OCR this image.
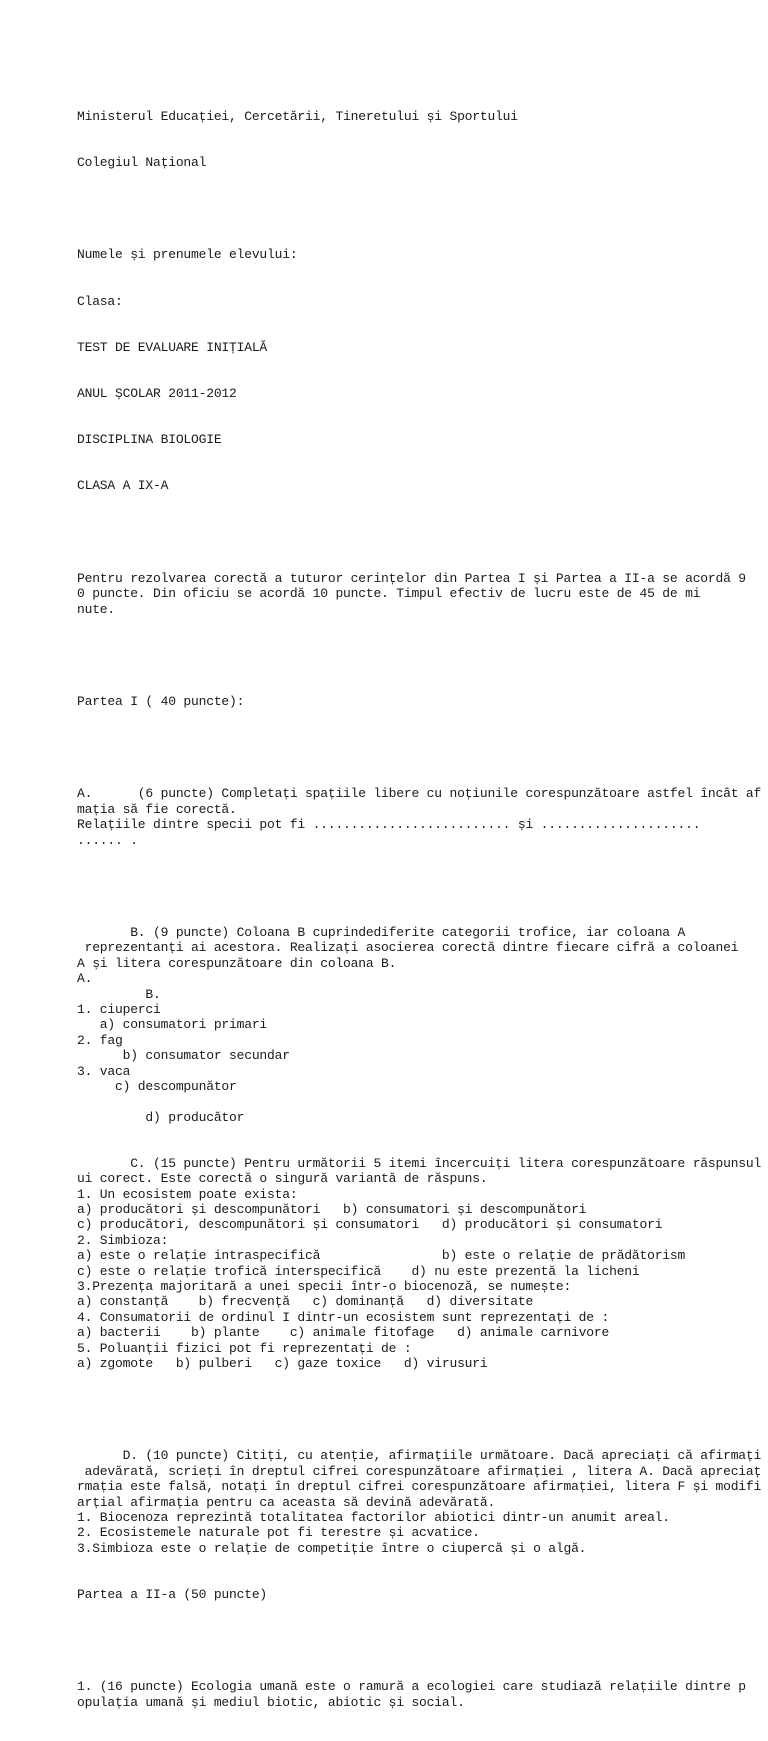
Ministerul Educației, Cercetării, Tineretului și Sportului

Colegiul Național

Numele și prenumele elevului:

Clasa:

TEST DE EVALUARE INIȚIALĂ

ANUL ȘCOLAR 2011-2012

DISCIPLINA BIOLOGIE

CLASA A IX-A

Pentru rezolvarea corectă a tuturor cerințelor din Partea I și Partea a II-a se acordă 9
0 puncte. Din oficiu se acordă 10 puncte. Timpul efectiv de lucru este de 45 de mi
nute.

Partea I ( 40 puncte):

A.      (6 puncte) Completați spațiile libere cu noțiunile corespunzătoare astfel încât af
mația să fie corectă.
Relațiile dintre specii pot fi .......................... și .....................
...... .

B. (9 puncte) Coloana B cuprindediferite categorii trofice, iar coloana A
reprezentanți ai acestora. Realizați asocierea corectă dintre fiecare cifră a coloanei
A și litera corespunzătoare din coloana B.
A.
B.
1. ciuperci
a) consumatori primari
2. fag
b) consumator secundar
3. vaca
c) descompunător
d) producător

C. (15 puncte) Pentru următorii 5 itemi încercuiți litera corespunzătoare răspunsul
ui corect. Este corectă o singură variantă de răspuns.
1. Un ecosistem poate exista:
a) producători și descompunători   b) consumatori și descompunători
c) producători, descompunători și consumatori   d) producători și consumatori
2. Simbioza:
a) este o relație intraspecifică                b) este o relație de prădătorism
c) este o relație trofică interspecifică    d) nu este prezentă la licheni
3.Prezența majoritară a unei specii într-o biocenoză, se numește:
a) constanță    b) frecvență   c) dominanță   d) diversitate
4. Consumatorii de ordinul I dintr-un ecosistem sunt reprezentați de :
a) bacterii    b) plante    c) animale fitofage   d) animale carnivore
5. Poluanții fizici pot fi reprezentați de :
a) zgomote   b) pulberi   c) gaze toxice   d) virusuri

D. (10 puncte) Citiți, cu atenție, afirmațiile următoare. Dacă apreciați că afirmați
adevărată, scrieți în dreptul cifrei corespunzătoare afirmației , litera A. Dacă apreciaț
rmația este falsă, notați în dreptul cifrei corespunzătoare afirmației, litera F și modifi
arțial afirmația pentru ca aceasta să devină adevărată.
1. Biocenoza reprezintă totalitatea factorilor abiotici dintr-un anumit areal.
2. Ecosistemele naturale pot fi terestre și acvatice.
3.Simbioza este o relație de competiție între o ciupercă și o algă.

Partea a II-a (50 puncte)

1. (16 puncte) Ecologia umană este o ramură a ecologiei care studiază relațiile dintre p
opulația umană și mediul biotic, abiotic și social.
